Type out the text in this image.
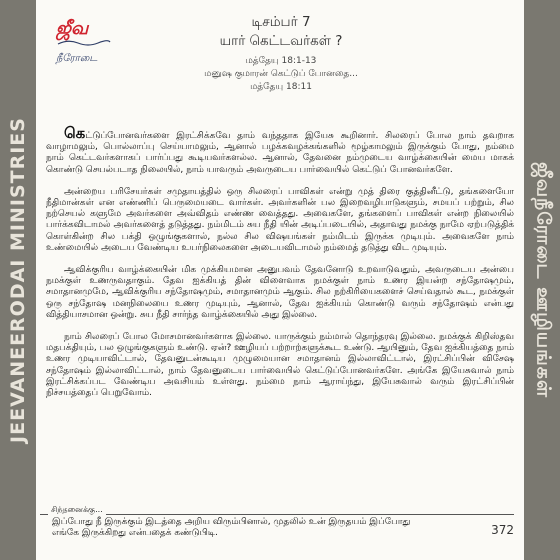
JEEVANEERODAI MINISTRIES	ஜீவநீரோடை ஊழியங்கள்
ஜீவ
நீரோடை
டிசம்பர் 7
யார் கெட்டவர்கள் ?
மத்தேயு 18:1-13
மனுஷ குமாரன் கெட்டுப் போனதை...
மத்தேயு 18:11

கெட்டுப்போனவர்களை இரட்சிக்கவே தாம் வந்ததாக இயேசு கூறினார். சிலரைப் போல நாம் தவறாக வாழாமலும், பொல்லாப்பு செய்யாமலும், ஆனால் பழக்கவழக்கங்களில் மூழ்காமலும் இருக்கும் போது, நம்மை நாம் கெட்டவர்களாகப் பார்ப்பது கூடியவர்களல்ல. ஆனால், தேவனை நம்முடைய வாழ்க்கையின் மைய மாகக் கொண்டு செயல்படாத நிலையில், நாம் யாவரும் அவருடைய பார்வையில் கெட்டுப் போனவர்களே.

அன்றைய பரிசேயர்கள் சமுதாயத்தில் ஒரு சிலரைப் பாவிகள் என்று முத் திரை குத்தினீட்டு, தங்களையோ நீதிமான்கள் என எண்ணிப் பெருமையடை வார்கள். அவர்களின் பல இறைவழிபாடுகளும், சமயப் பற்றும், சில நற்செயல் களுமே அவர்களை அவ்விதம் எண்ண வைத்தது. அவைகளே, தங்களைப் பாவிகள் என்ற நிலையில் பார்க்கவிடாமல் அவர்களைத் தடுத்தது. நம்மிடம் சுய நீதி யின் அடிப்படையில், அதாவது நமக்கு நாமே ஏற்படுத்திக் கொள்கின்ற சில பக்தி ஒழுங்குகளால், நல்ல சில விஷயங்கள் நம்மிடம் இருக்க முடியும். அவைகளே நாம் உண்மையில் அடைய வேண்டிய உயர்நிலைகளை அடையவிடாமல் நம்மைத் தடுத்து விட முடியும்.

ஆவிக்குரிய வாழ்க்கையின் மிக முக்கியமான அனுபவம் தேவனோடு உறவாடுவதும், அவருடைய அன்பை நமக்குள் உணருவதாகும். தேவ ஐக்கியத் தின் விளைவாக நமக்குள் நாம் உணர இயன்ற சந்தோஷமும், சமாதானமுமே, ஆவிக்குரிய சந்தோஷமும், சமாதானமும் ஆகும். சில நற்கிரியைகளைச் செய்வதால் கூட, நமக்குள் ஒரு சந்தோஷ மனநிலையை உணர முடியும், ஆனால், தேவ ஐக்கியம் கொண்டு வரும் சந்தோஷம் என்பது வித்தியாசமான ஒன்று. சுய நீதி சார்ந்த வாழ்க்கையில் அது இல்லை.

நாம் சிலரைப் போல மோசமானவர்களாக இல்லை. யாருக்கும் நம்மால் தொந்தரவு இல்லை. நமக்குக் கிறிஸ்தவ மதபக்தியும், பல ஒழுங்குகளும் உண்டு. ஏன்? ஊழியப் பற்றாற்களுக்கூட உண்டு. ஆயினும், தேவ ஐக்கியத்தை நாம் உணர முடியாவிட்டால், தேவனுடன்கூடிய முழுமையான சமாதானம் இல்லாவிட்டால், இரட்சிப்பின் விசேஷ சந்தோஷம் இல்லாவிட்டால், நாம் தேவனுடைய பார்வையில் கெட்டுப்போனவர்களே. அங்கே இயேசுவால் நாம் இரட்சிக்கப்பட வேண்டிய அவசியம் உள்ளது. நம்மை நாம் ஆராய்ந்து, இயேசுவால் வரும் இரட்சிப்பின் நிச்சயத்தைப் பெறுவோம்.

சிந்தனைக்கு...
இப்போது நீ இருக்கும் இடத்தை அறிய விரும்பினால், முதலில் உன் இருதயம் இப்போது எங்கே இருக்கிறது என்பதைக் கண்டுபிடி.	372
